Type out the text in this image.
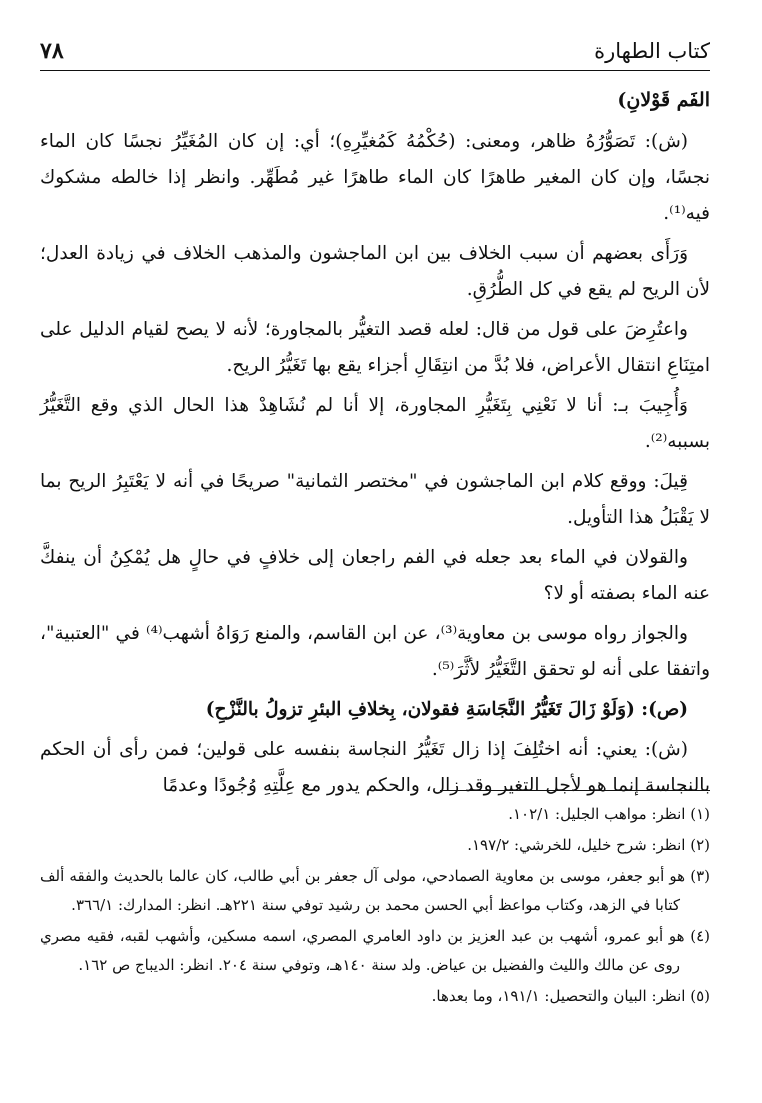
كتاب الطهارة
٧٨

الفَم قَوْلانِ)

(ش): تَصَوُّرُهُ ظاهر، ومعنى: (حُكْمُهُ كَمُغيِّرِهِ)؛ أي: إن كان المُغَيِّرُ نجسًا كان الماء نجسًا، وإن كان المغير طاهرًا كان الماء طاهرًا غير مُطَهِّر. وانظر إذا خالطه مشكوك فيه⁽¹⁾.

وَرَأَى بعضهم أن سبب الخلاف بين ابن الماجشون والمذهب الخلاف في زيادة العدل؛ لأن الريح لم يقع في كل الطُّرُقِ.

واعتُرِضَ على قول من قال: لعله قصد التغيُّر بالمجاورة؛ لأنه لا يصح لقيام الدليل على امتِنَاعِ انتقال الأعراض، فلا بُدَّ من انتِقَالِ أجزاء يقع بها تَغَيُّرُ الريح.

وَأُجِيبَ بـ: أنا لا نَعْنِي بِتَغَيُّرِ المجاورة، إلا أنا لم نُشَاهِدْ هذا الحال الذي وقع التَّغَيُّرُ بسببه⁽²⁾.

قِيلَ: ووقع كلام ابن الماجشون في "مختصر الثمانية" صريحًا في أنه لا يَعْتَبِرُ الريح بما لا يَقْبَلُ هذا التأويل.

والقولان في الماء بعد جعله في الفم راجعان إلى خلافٍ في حالٍ هل يُمْكِنُ أن ينفكَّ عنه الماء بصفته أو لا؟

والجواز رواه موسى بن معاوية⁽³⁾، عن ابن القاسم، والمنع رَوَاهُ أشهب⁽⁴⁾ في "العتبية"، واتفقا على أنه لو تحقق التَّغَيُّرُ لأثَّرَ⁽⁵⁾.

(ص): (وَلَوْ زَالَ تَغَيُّرُ النَّجَاسَةِ فقولان، بِخلافِ البئرِ تزولُ بالنَّزْحِ)

(ش): يعني: أنه اختُلِفَ إذا زال تَغَيُّرُ النجاسة بنفسه على قولين؛ فمن رأى أن الحكم بالنجاسة إنما هو لأجل التغير وقد زال، والحكم يدور مع عِلَّتِهِ وُجُودًا وعدمًا

(١) انظر: مواهب الجليل: ١٠٢/١.

(٢) انظر: شرح خليل، للخرشي: ١٩٧/٢.

(٣) هو أبو جعفر، موسى بن معاوية الصمادحي، مولى آل جعفر بن أبي طالب، كان عالما بالحديث والفقه ألف كتابا في الزهد، وكتاب مواعظ أبي الحسن محمد بن رشيد توفي سنة ٢٢١هـ. انظر: المدارك: ٣٦٦/١.

(٤) هو أبو عمرو، أشهب بن عبد العزيز بن داود العامري المصري، اسمه مسكين، وأشهب لقبه، فقيه مصري روى عن مالك والليث والفضيل بن عياض. ولد سنة ١٤٠هـ، وتوفي سنة ٢٠٤. انظر: الديباج ص ١٦٢.

(٥) انظر: البيان والتحصيل: ١٩١/١، وما بعدها.
